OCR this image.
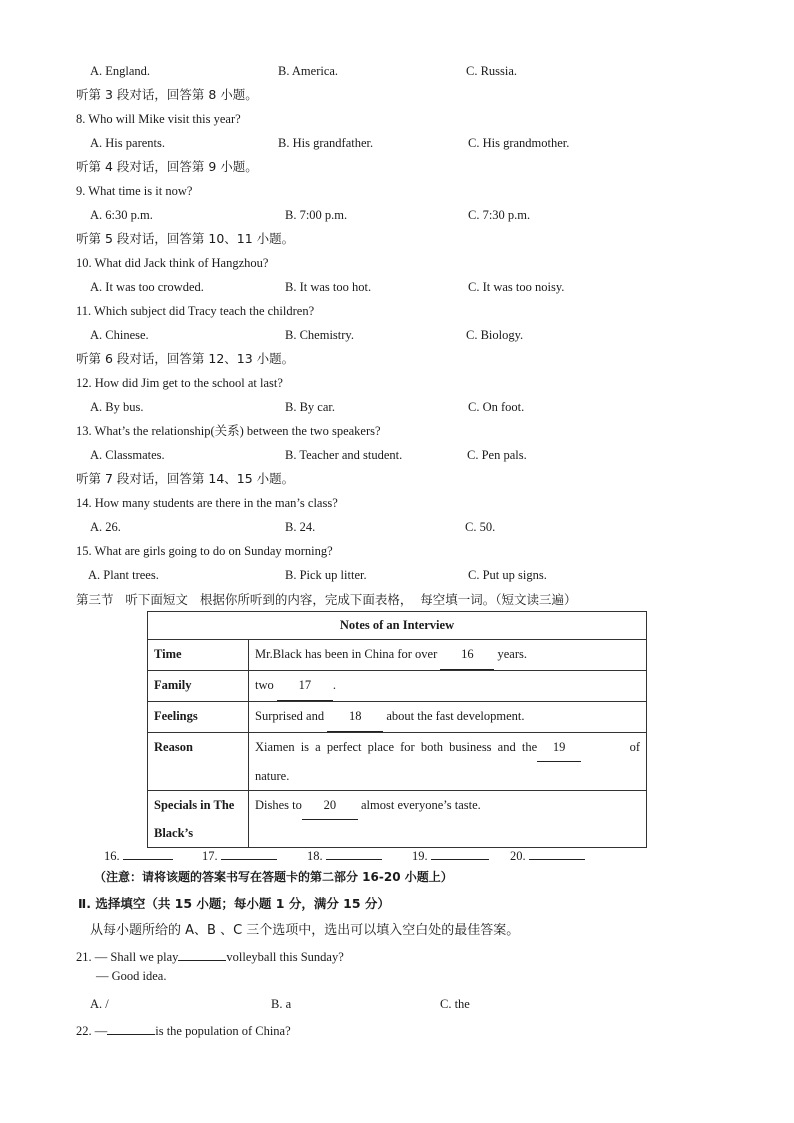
A. England.	B. America.	C. Russia.
听第 3 段对话，回答第 8 小题。
8. Who will Mike visit this year?
A. His parents.	B. His grandfather.	C. His grandmother.
听第 4 段对话，回答第 9 小题。
9. What time is it now?
A. 6:30 p.m.	B. 7:00 p.m.	C. 7:30 p.m.
听第 5 段对话，回答第 10、11 小题。
10. What did Jack think of Hangzhou?
A. It was too crowded.	B. It was too hot.	C. It was too noisy.
11. Which subject did Tracy teach the children?
A. Chinese.	B. Chemistry.	C. Biology.
听第 6 段对话，回答第 12、13 小题。
12. How did Jim get to the school at last?
A. By bus.	B. By car.	C. On foot.
13. What’s the relationship(关系) between the two speakers?
A. Classmates.	B. Teacher and student.	C. Pen pals.
听第 7 段对话，回答第 14、15 小题。
14. How many students are there in the man’s class?
A. 26.	B. 24.	C. 50.
15. What are girls going to do on Sunday morning?
A. Plant trees.	B. Pick up litter.	C. Put up signs.
第三节   听下面短文   根据你所听到的内容，完成下面表格，  每空填一词。（短文读三遍）
Notes of an Interview	
Time	Mr.Black has been in China for over 16 years.
Family	two 17 .
Feelings	Surprised and 18 about the fast development.
Reason	Xiamen is a perfect place for both business and the 19 of

nature.
Specials in The
Black’s	Dishes to 20 almost everyone’s taste.
16.	17.	18.	19.	20.
（注意：请将该题的答案书写在答题卡的第二部分 16-20 小题上）
Ⅱ. 选择填空（共 15 小题；每小题 1 分，满分 15 分）
从每小题所给的 A、B 、C 三个选项中，选出可以填入空白处的最佳答案。
21. — Shall we play	volleyball this Sunday?
— Good idea.
A. /	B. a	C. the
22. —	is the population of China?
